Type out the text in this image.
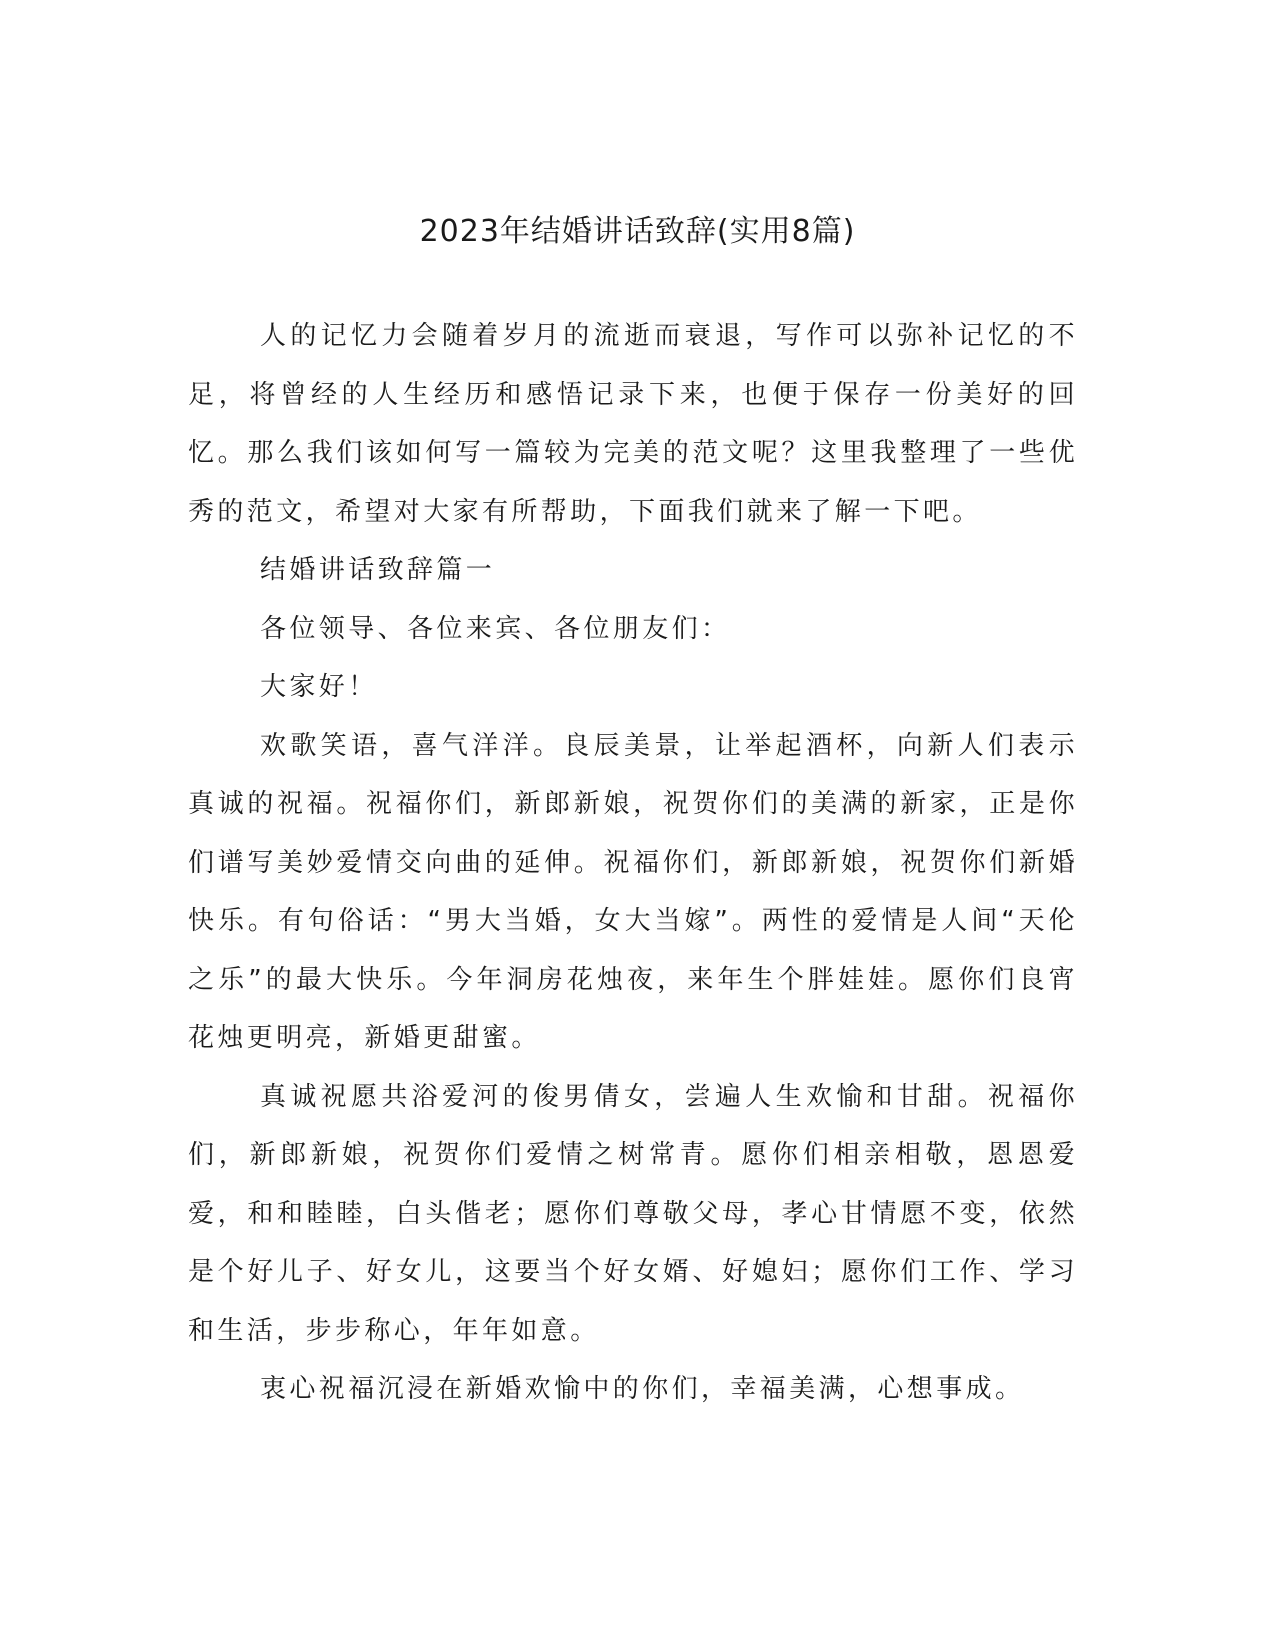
2023年结婚讲话致辞(实用8篇)

人的记忆力会随着岁月的流逝而衰退，写作可以弥补记忆的不足，将曾经的人生经历和感悟记录下来，也便于保存一份美好的回忆。那么我们该如何写一篇较为完美的范文呢？这里我整理了一些优秀的范文，希望对大家有所帮助，下面我们就来了解一下吧。

结婚讲话致辞篇一

各位领导、各位来宾、各位朋友们：

大家好！

欢歌笑语，喜气洋洋。良辰美景，让举起酒杯，向新人们表示真诚的祝福。祝福你们，新郎新娘，祝贺你们的美满的新家，正是你们谱写美妙爱情交向曲的延伸。祝福你们，新郎新娘，祝贺你们新婚快乐。有句俗话：“男大当婚，女大当嫁”。两性的爱情是人间“天伦之乐”的最大快乐。今年洞房花烛夜，来年生个胖娃娃。愿你们良宵花烛更明亮，新婚更甜蜜。

真诚祝愿共浴爱河的俊男倩女，尝遍人生欢愉和甘甜。祝福你们，新郎新娘，祝贺你们爱情之树常青。愿你们相亲相敬，恩恩爱爱，和和睦睦，白头偕老；愿你们尊敬父母，孝心甘情愿不变，依然是个好儿子、好女儿，这要当个好女婿、好媳妇；愿你们工作、学习和生活，步步称心，年年如意。

衷心祝福沉浸在新婚欢愉中的你们，幸福美满，心想事成。
